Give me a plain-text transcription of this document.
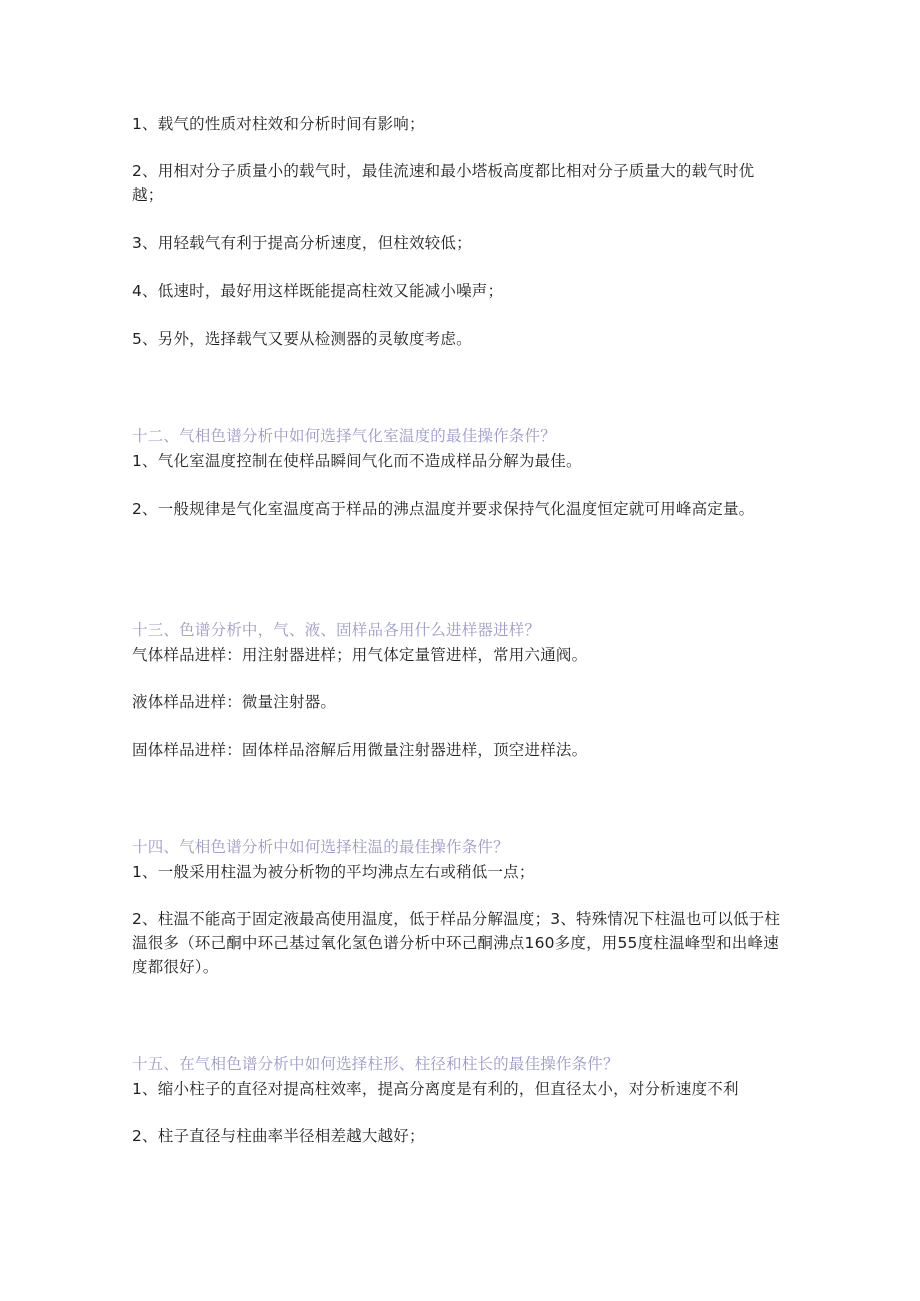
1、载气的性质对柱效和分析时间有影响；
2、用相对分子质量小的载气时，最佳流速和最小塔板高度都比相对分子质量大的载气时优越；
3、用轻载气有利于提高分析速度，但柱效较低；
4、低速时，最好用这样既能提高柱效又能减小噪声；
5、另外，选择载气又要从检测器的灵敏度考虑。
十二、气相色谱分析中如何选择气化室温度的最佳操作条件？
1、气化室温度控制在使样品瞬间气化而不造成样品分解为最佳。
2、一般规律是气化室温度高于样品的沸点温度并要求保持气化温度恒定就可用峰高定量。
十三、色谱分析中，气、液、固样品各用什么进样器进样？
气体样品进样：用注射器进样；用气体定量管进样，常用六通阀。
液体样品进样：微量注射器。
固体样品进样：固体样品溶解后用微量注射器进样，顶空进样法。
十四、气相色谱分析中如何选择柱温的最佳操作条件？
1、一般采用柱温为被分析物的平均沸点左右或稍低一点；
2、柱温不能高于固定液最高使用温度，低于样品分解温度；3、特殊情况下柱温也可以低于柱温很多（环己酮中环己基过氧化氢色谱分析中环己酮沸点160多度，用55度柱温峰型和出峰速度都很好）。
十五、在气相色谱分析中如何选择柱形、柱径和柱长的最佳操作条件？
1、缩小柱子的直径对提高柱效率，提高分离度是有利的，但直径太小，对分析速度不利
2、柱子直径与柱曲率半径相差越大越好；
